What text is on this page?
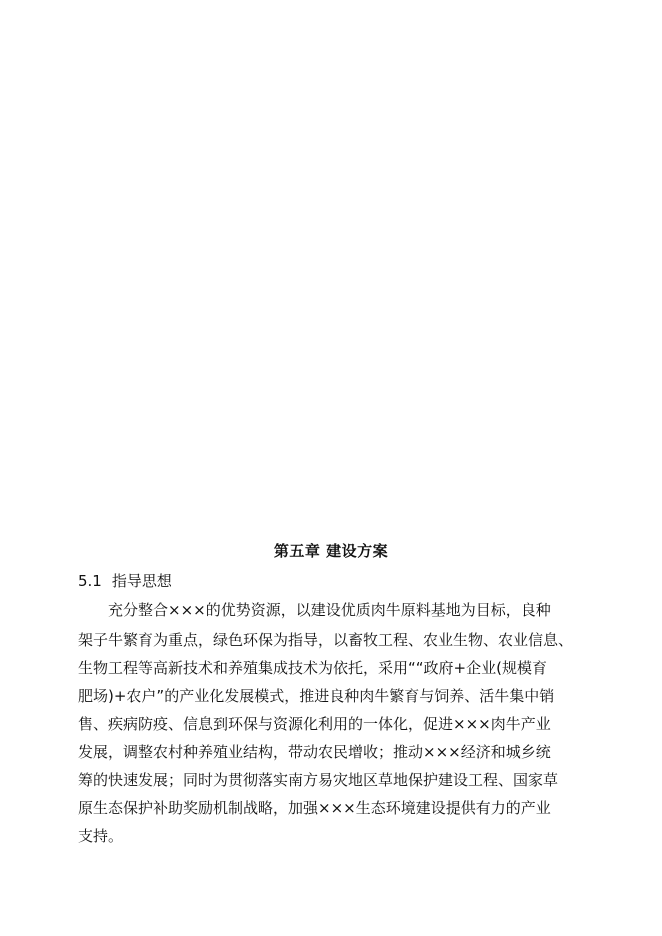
第五章 建设方案
5.1 指导思想
充分整合×××的优势资源，以建设优质肉牛原料基地为目标，良种
架子牛繁育为重点，绿色环保为指导，以畜牧工程、农业生物、农业信息、
生物工程等高新技术和养殖集成技术为依托，采用““政府+企业(规模育
肥场)+农户”的产业化发展模式，推进良种肉牛繁育与饲养、活牛集中销
售、疾病防疫、信息到环保与资源化利用的一体化，促进×××肉牛产业
发展，调整农村种养殖业结构，带动农民增收；推动×××经济和城乡统
筹的快速发展；同时为贯彻落实南方易灾地区草地保护建设工程、国家草
原生态保护补助奖励机制战略，加强×××生态环境建设提供有力的产业
支持。
